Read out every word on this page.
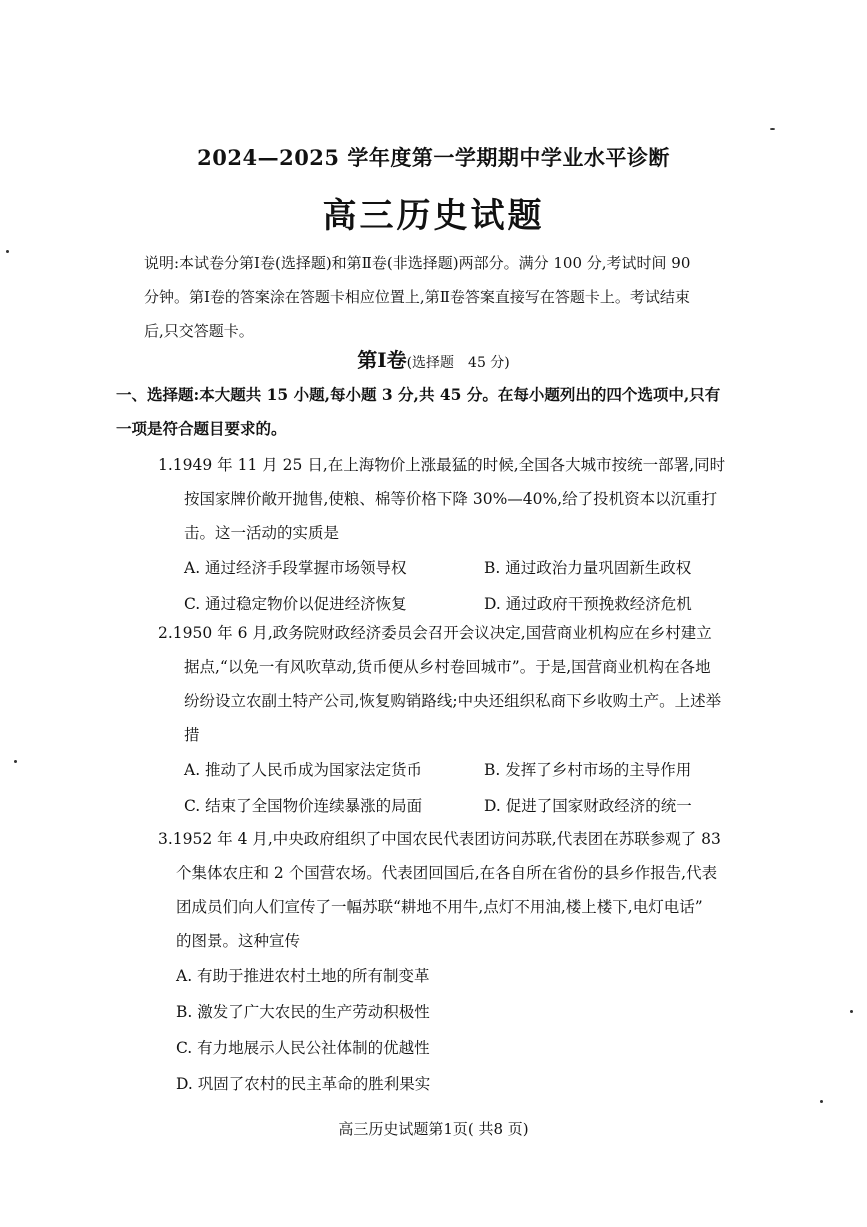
2024—2025 学年度第一学期期中学业水平诊断
高三历史试题
说明:本试卷分第Ⅰ卷(选择题)和第Ⅱ卷(非选择题)两部分。满分 100 分,考试时间 90
分钟。第Ⅰ卷的答案涂在答题卡相应位置上,第Ⅱ卷答案直接写在答题卡上。考试结束
后,只交答题卡。
第Ⅰ卷(选择题　45 分)
一、选择题:本大题共 15 小题,每小题 3 分,共 45 分。在每小题列出的四个选项中,只有
一项是符合题目要求的。
1.1949 年 11 月 25 日,在上海物价上涨最猛的时候,全国各大城市按统一部署,同时
按国家牌价敞开抛售,使粮、棉等价格下降 30%—40%,给了投机资本以沉重打
击。这一活动的实质是
A. 通过经济手段掌握市场领导权	B. 通过政治力量巩固新生政权
C. 通过稳定物价以促进经济恢复	D. 通过政府干预挽救经济危机
2.1950 年 6 月,政务院财政经济委员会召开会议决定,国营商业机构应在乡村建立
据点,“以免一有风吹草动,货币便从乡村卷回城市”。于是,国营商业机构在各地
纷纷设立农副土特产公司,恢复购销路线;中央还组织私商下乡收购土产。上述举
措
A. 推动了人民币成为国家法定货币	B. 发挥了乡村市场的主导作用
C. 结束了全国物价连续暴涨的局面	D. 促进了国家财政经济的统一
3.1952 年 4 月,中央政府组织了中国农民代表团访问苏联,代表团在苏联参观了 83
个集体农庄和 2 个国营农场。代表团回国后,在各自所在省份的县乡作报告,代表
团成员们向人们宣传了一幅苏联“耕地不用牛,点灯不用油,楼上楼下,电灯电话”
的图景。这种宣传
A. 有助于推进农村土地的所有制变革
B. 激发了广大农民的生产劳动积极性
C. 有力地展示人民公社体制的优越性
D. 巩固了农村的民主革命的胜利果实
高三历史试题第1页( 共8 页)
